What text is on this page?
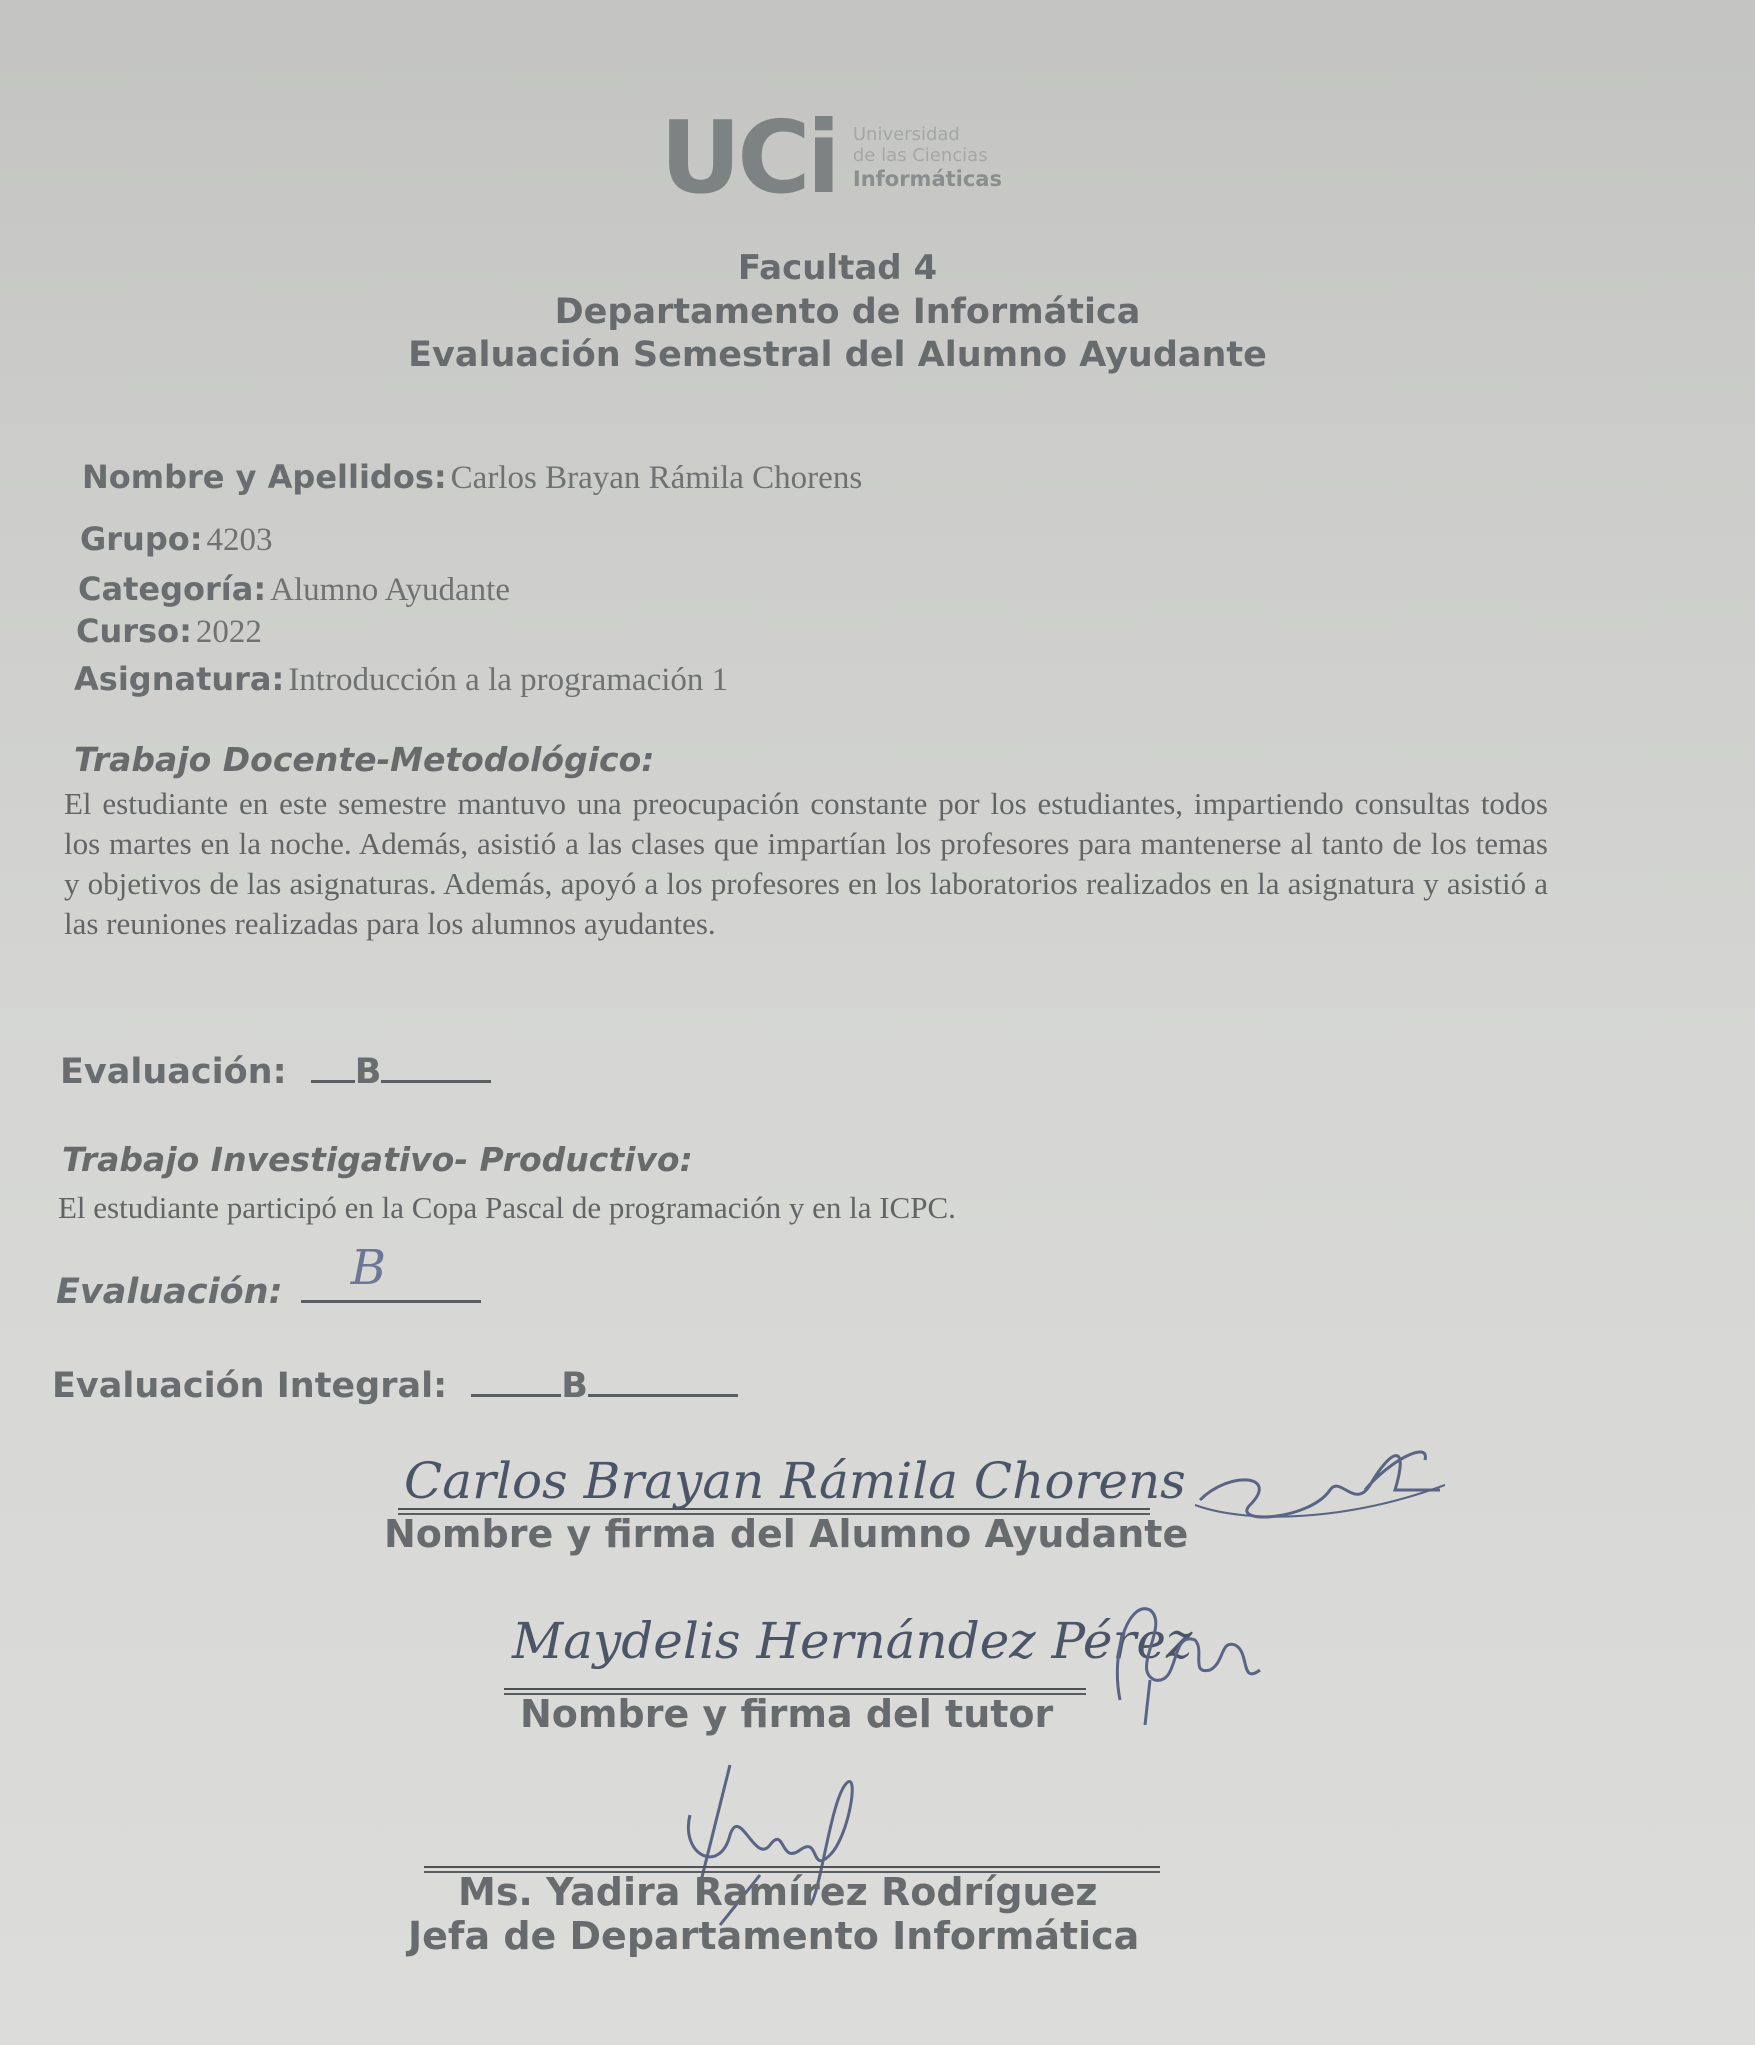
UCi Universidad
de las Ciencias
Informáticas
Facultad 4
Departamento de Informática
Evaluación Semestral del Alumno Ayudante
Nombre y Apellidos: Carlos Brayan Rámila Chorens
Grupo: 4203
Categoría: Alumno Ayudante
Curso: 2022
Asignatura: Introducción a la programación 1
Trabajo Docente-Metodológico:
El estudiante en este semestre mantuvo una preocupación constante por los estudiantes, impartiendo consultas todos los martes en la noche. Además, asistió a las clases que impartían los profesores para mantenerse al tanto de los temas y objetivos de las asignaturas. Además, apoyó a los profesores en los laboratorios realizados en la asignatura y asistió a las reuniones realizadas para los alumnos ayudantes.
Evaluación: B
Trabajo Investigativo- Productivo:
El estudiante participó en la Copa Pascal de programación y en la ICPC.
Evaluación: B
Evaluación Integral:	B
Carlos Brayan Rámila Chorens
Nombre y firma del Alumno Ayudante
Maydelis Hernández Pérez
Nombre y firma del tutor
Ms. Yadira Ramírez Rodríguez
Jefa de Departamento Informática
